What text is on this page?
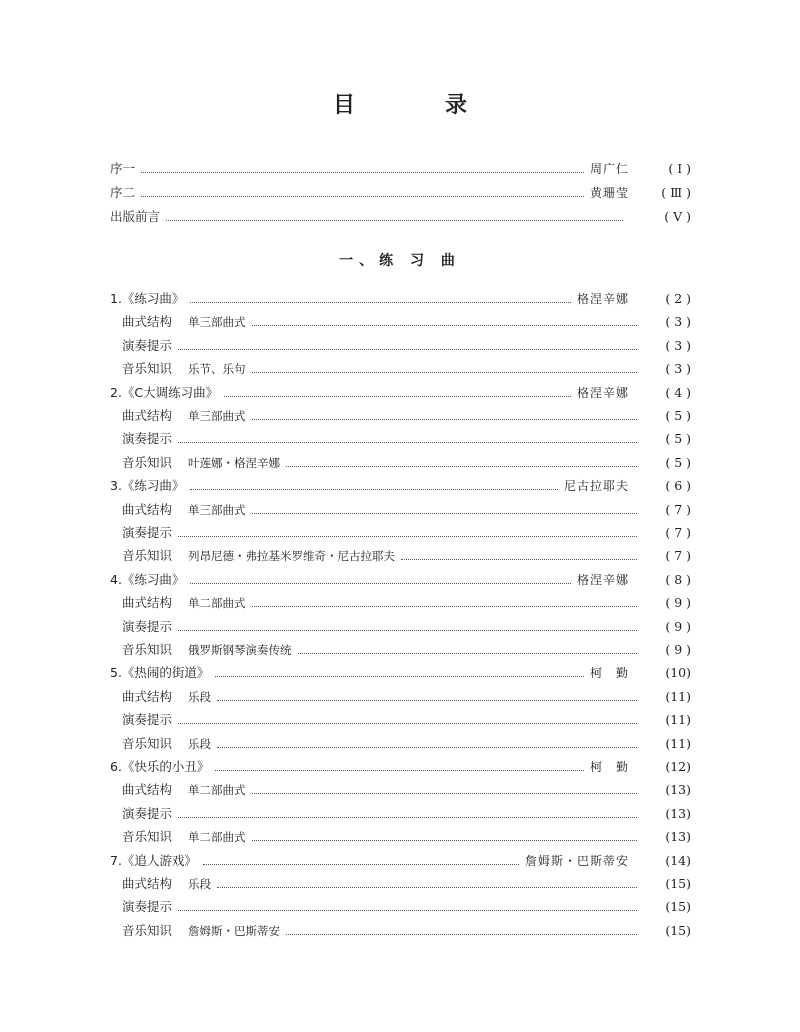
目　录
序一	周广仁	( Ⅰ )
序二	黄珊莹	( Ⅲ )
出版前言	( Ⅴ )
一、练 习 曲
1.《练习曲》	格涅辛娜	( 2 )
曲式结构 单三部曲式	( 3 )
演奏提示	( 3 )
音乐知识 乐节、乐句	( 3 )
2.《C大调练习曲》	格涅辛娜	( 4 )
曲式结构 单三部曲式	( 5 )
演奏提示	( 5 )
音乐知识 叶莲娜・格涅辛娜	( 5 )
3.《练习曲》	尼古拉耶夫	( 6 )
曲式结构 单三部曲式	( 7 )
演奏提示	( 7 )
音乐知识 列昂尼德・弗拉基米罗维奇・尼古拉耶夫	( 7 )
4.《练习曲》	格涅辛娜	( 8 )
曲式结构 单二部曲式	( 9 )
演奏提示	( 9 )
音乐知识 俄罗斯钢琴演奏传统	( 9 )
5.《热闹的街道》	柯　勤	(10)
曲式结构 乐段	(11)
演奏提示	(11)
音乐知识 乐段	(11)
6.《快乐的小丑》	柯　勤	(12)
曲式结构 单二部曲式	(13)
演奏提示	(13)
音乐知识 单二部曲式	(13)
7.《追人游戏》	詹姆斯・巴斯蒂安	(14)
曲式结构 乐段	(15)
演奏提示	(15)
音乐知识 詹姆斯・巴斯蒂安	(15)
